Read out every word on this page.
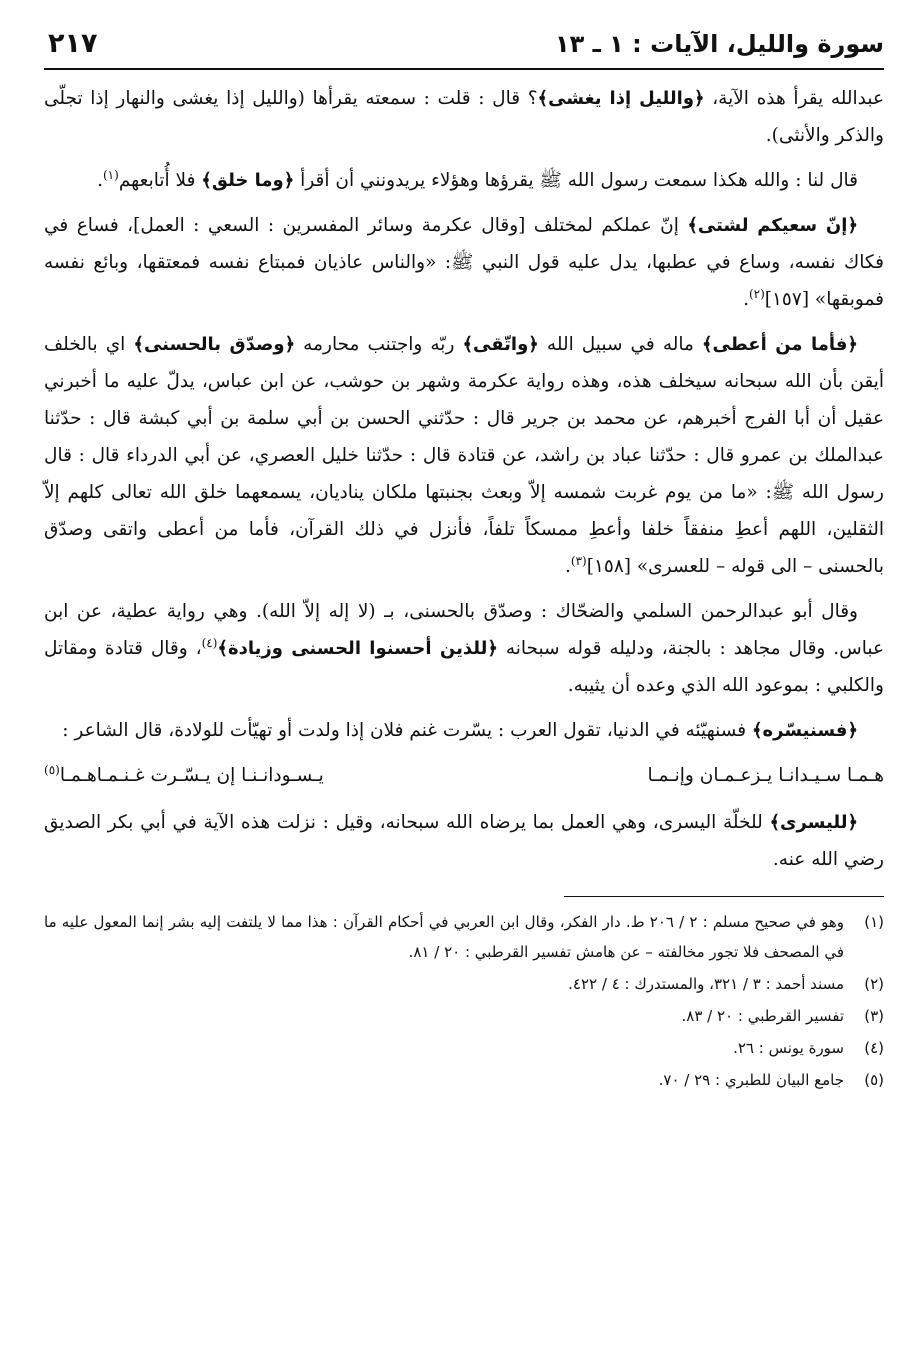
سورة والليل، الآيات : ١ ـ ١٣
٢١٧

عبدالله يقرأ هذه الآية، ﴿والليل إذا يغشى﴾؟ قال : قلت : سمعته يقرأها (والليل إذا يغشى والنهار إذا تجلّى والذكر والأنثى).

قال لنا : والله هكذا سمعت رسول الله ﷺ يقرؤها وهؤلاء يريدونني أن أقرأ ﴿وما خلق﴾ فلا أُتابعهم$^{(١)}$.

﴿إنّ سعيكم لشتى﴾ إنّ عملكم لمختلف [وقال عكرمة وسائر المفسرين : السعي : العمل]، فساع في فكاك نفسه، وساع في عطبها، يدل عليه قول النبي ﷺ: «والناس عاذيان فمبتاع نفسه فمعتقها، وبائع نفسه فموبقها» [١٥٧]$^{(٢)}$.

﴿فأما من أعطى﴾ ماله في سبيل الله ﴿واتّقى﴾ ربّه واجتنب محارمه ﴿وصدّق بالحسنى﴾ اي بالخلف أيقن بأن الله سبحانه سيخلف هذه، وهذه رواية عكرمة وشهر بن حوشب، عن ابن عباس، يدلّ عليه ما أخبرني عقيل أن أبا الفرج أخبرهم، عن محمد بن جرير قال : حدّثني الحسن بن أبي سلمة بن أبي كبشة قال : حدّثنا عبدالملك بن عمرو قال : حدّثنا عباد بن راشد، عن قتادة قال : حدّثنا خليل العصري، عن أبي الدرداء قال : قال رسول الله ﷺ: «ما من يوم غربت شمسه إلاّ وبعث بجنبتها ملكان يناديان، يسمعهما خلق الله تعالى كلهم إلاّ الثقلين، اللهم أعطِ منفقاً خلفا وأعطِ ممسكاً تلفاً، فأنزل في ذلك القرآن، فأما من أعطى واتقى وصدّق بالحسنى – الى قوله – للعسرى» [١٥٨]$^{(٣)}$.

وقال أبو عبدالرحمن السلمي والضحّاك : وصدّق بالحسنى، بـ (لا إله إلاّ الله). وهي رواية عطية، عن ابن عباس. وقال مجاهد : بالجنة، ودليله قوله سبحانه ﴿للذين أحسنوا الحسنى وزيادة﴾$^{(٤)}$، وقال قتادة ومقاتل والكلبي : بموعود الله الذي وعده أن يثيبه.

﴿فسنيسّره﴾ فسنهيّئه في الدنيا، تقول العرب : يسّرت غنم فلان إذا ولدت أو تهيّأت للولادة، قال الشاعر :

هـمـا سـيـدانـا يـزعـمـان وإنـمـا
يـسـودانـنـا إن يـسّـرت غـنـمـاهـمـا$^{(٥)}$

﴿لليسرى﴾ للخلّة اليسرى، وهي العمل بما يرضاه الله سبحانه، وقيل : نزلت هذه الآية في أبي بكر الصديق رضي الله عنه.

(١)
وهو في صحيح مسلم : ٢ / ٢٠٦ ط. دار الفكر، وقال ابن العربي في أحكام القرآن : هذا مما لا يلتفت إليه بشر إنما المعول عليه ما في المصحف فلا تجور مخالفته – عن هامش تفسير القرطبي : ٢٠ / ٨١.
(٢)
مسند أحمد : ٣ / ٣٢١، والمستدرك : ٤ / ٤٢٢.
(٣)
تفسير القرطبي : ٢٠ / ٨٣.
(٤)
سورة يونس : ٢٦.
(٥)
جامع البيان للطبري : ٢٩ / ٧٠.
